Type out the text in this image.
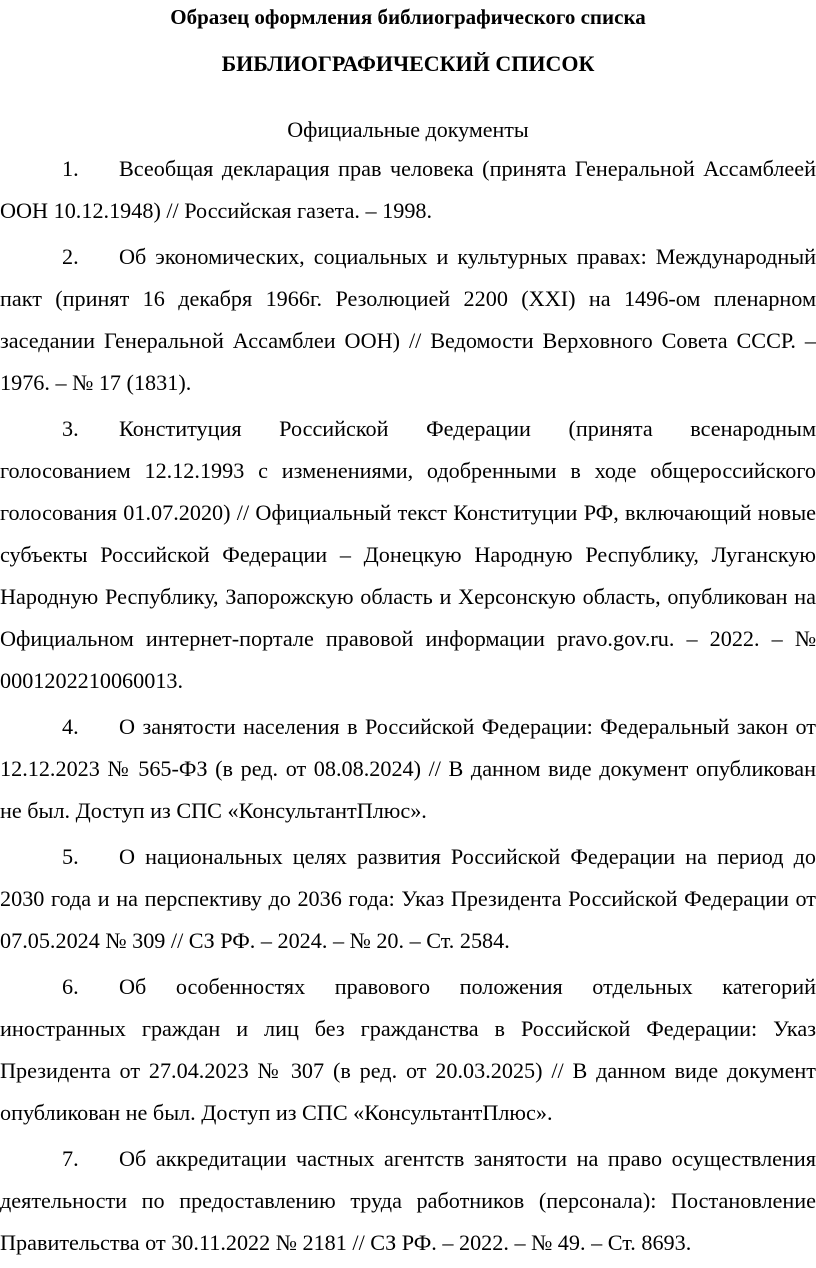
Образец оформления библиографического списка
БИБЛИОГРАФИЧЕСКИЙ СПИСОК
Официальные документы

1. Всеобщая декларация прав человека (принята Генеральной Ассамблеей ООН 10.12.1948) // Российская газета. – 1998.

2. Об экономических, социальных и культурных правах: Международный пакт (принят 16 декабря 1966г. Резолюцией 2200 (XXI) на 1496-ом пленарном заседании Генеральной Ассамблеи ООН) // Ведомости Верховного Совета СССР. – 1976. – № 17 (1831).

3. Конституция Российской Федерации (принята всенародным голосованием 12.12.1993 с изменениями, одобренными в ходе общероссийского голосования 01.07.2020) // Официальный текст Конституции РФ, включающий новые субъекты Российской Федерации – Донецкую Народную Республику, Луганскую Народную Республику, Запорожскую область и Херсонскую область, опубликован на Официальном интернет-портале правовой информации pravo.gov.ru. – 2022. – № 0001202210060013.

4. О занятости населения в Российской Федерации: Федеральный закон от 12.12.2023 № 565-ФЗ (в ред. от 08.08.2024) // В данном виде документ опубликован не был. Доступ из СПС «КонсультантПлюс».

5. О национальных целях развития Российской Федерации на период до 2030 года и на перспективу до 2036 года: Указ Президента Российской Федерации от 07.05.2024 № 309 // СЗ РФ. – 2024. – № 20. – Ст. 2584.

6. Об особенностях правового положения отдельных категорий иностранных граждан и лиц без гражданства в Российской Федерации: Указ Президента от 27.04.2023 № 307 (в ред. от 20.03.2025) // В данном виде документ опубликован не был. Доступ из СПС «КонсультантПлюс».

7. Об аккредитации частных агентств занятости на право осуществления деятельности по предоставлению труда работников (персонала): Постановление Правительства от 30.11.2022 № 2181 // СЗ РФ. – 2022. – № 49. – Ст. 8693.
